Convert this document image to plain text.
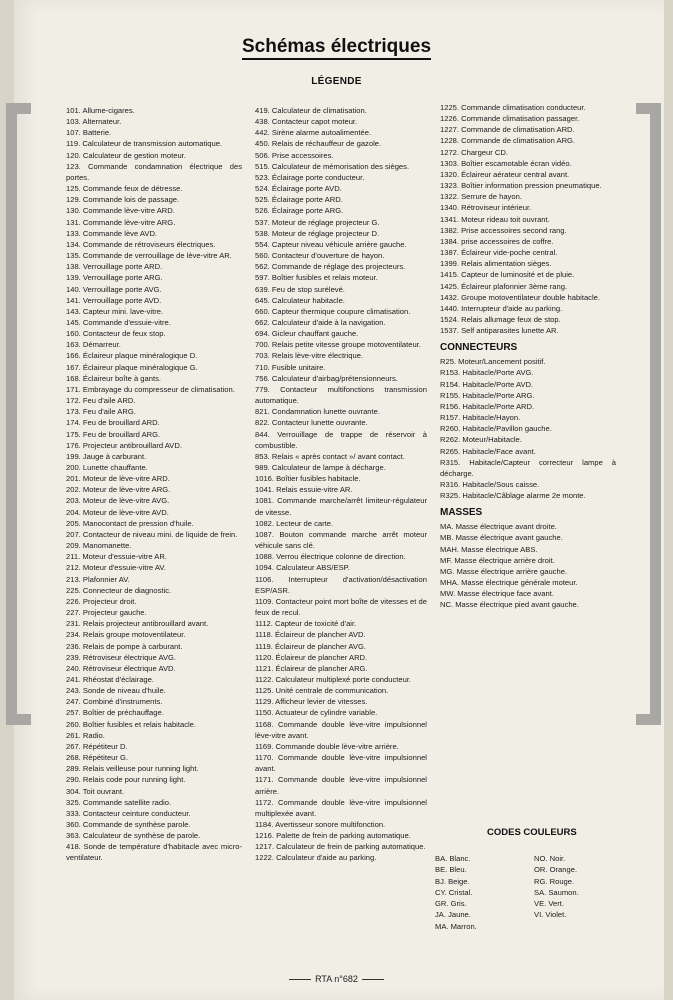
Schémas électriques
LÉGENDE

101. Allume-cigares.

103. Alternateur.

107. Batterie.

119. Calculateur de transmission automatique.

120. Calculateur de gestion moteur.

123. Commande condamnation électrique des portes.

125. Commande feux de détresse.

129. Commande lois de passage.

130. Commande lève-vitre ARD.

131. Commande lève-vitre ARG.

133. Commande lève AVD.

134. Commande de rétroviseurs électriques.

135. Commande de verrouillage de lève-vitre AR.

138. Verrouillage porte ARD.

139. Verrouillage porte ARG.

140. Verrouillage porte AVG.

141. Verrouillage porte AVD.

143. Capteur mini. lave-vitre.

145. Commande d'essuie-vitre.

160. Contacteur de feux stop.

163. Démarreur.

166. Éclaireur plaque minéralogique D.

167. Éclaireur plaque minéralogique G.

168. Éclaireur boîte à gants.

171. Embrayage du compresseur de climatisation.

172. Feu d'aile ARD.

173. Feu d'aile ARG.

174. Feu de brouillard ARD.

175. Feu de brouillard ARG.

176. Projecteur antibrouillard AVD.

199. Jauge à carburant.

200. Lunette chauffante.

201. Moteur de lève-vitre ARD.

202. Moteur de lève-vitre ARG.

203. Moteur de lève-vitre AVG.

204. Moteur de lève-vitre AVD.

205. Manocontact de pression d'huile.

207. Contacteur de niveau mini. de liquide de frein.

209. Manomanette.

211. Moteur d'essuie-vitre AR.

212. Moteur d'essuie-vitre AV.

213. Plafonnier AV.

225. Connecteur de diagnostic.

226. Projecteur droit.

227. Projecteur gauche.

231. Relais projecteur antibrouillard avant.

234. Relais groupe motoventilateur.

236. Relais de pompe à carburant.

239. Rétroviseur électrique AVG.

240. Rétroviseur électrique AVD.

241. Rhéostat d'éclairage.

243. Sonde de niveau d'huile.

247. Combiné d'instruments.

257. Boîtier de préchauffage.

260. Boîtier fusibles et relais habitacle.

261. Radio.

267. Répétiteur D.

268. Répétiteur G.

289. Relais veilleuse pour running light.

290. Relais code pour running light.

304. Toit ouvrant.

325. Commande satellite radio.

333. Contacteur ceinture conducteur.

360. Commande de synthèse parole.

363. Calculateur de synthèse de parole.

418. Sonde de température d'habitacle avec micro-ventilateur.

419. Calculateur de climatisation.

438. Contacteur capot moteur.

442. Sirène alarme autoalimentée.

450. Relais de réchauffeur de gazole.

506. Prise accessoires.

515. Calculateur de mémorisation des sièges.

523. Éclairage porte conducteur.

524. Éclairage porte AVD.

525. Éclairage porte ARD.

526. Éclairage porte ARG.

537. Moteur de réglage projecteur G.

538. Moteur de réglage projecteur D.

554. Capteur niveau véhicule arrière gauche.

560. Contacteur d'ouverture de hayon.

562. Commande de réglage des projecteurs.

597. Boîtier fusibles et relais moteur.

639. Feu de stop surélevé.

645. Calculateur habitacle.

660. Capteur thermique coupure climatisation.

662. Calculateur d'aide à la navigation.

694. Gicleur chauffant gauche.

700. Relais petite vitesse groupe motoventilateur.

703. Relais lève-vitre électrique.

710. Fusible unitaire.

756. Calculateur d'airbag/prétensionneurs.

779. Contacteur multifonctions transmission automatique.

821. Condamnation lunette ouvrante.

822. Contacteur lunette ouvrante.

844. Verrouillage de trappe de réservoir à combustible.

853. Relais « après contact »/ avant contact.

989. Calculateur de lampe à décharge.

1016. Boîtier fusibles habitacle.

1041. Relais essuie-vitre AR.

1081. Commande marche/arrêt limiteur-régulateur de vitesse.

1082. Lecteur de carte.

1087. Bouton commande marche arrêt moteur véhicule sans clé.

1088. Verrou électrique colonne de direction.

1094. Calculateur ABS/ESP.

1106. Interrupteur d'activation/désactivation ESP/ASR.

1109. Contacteur point mort boîte de vitesses et de feux de recul.

1112. Capteur de toxicité d'air.

1118. Éclaireur de plancher AVD.

1119. Éclaireur de plancher AVG.

1120. Éclaireur de plancher ARD.

1121. Éclaireur de plancher ARG.

1122. Calculateur multiplexé porte conducteur.

1125. Unité centrale de communication.

1129. Afficheur levier de vitesses.

1150. Actuateur de cylindre variable.

1168. Commande double lève-vitre impulsionnel lève-vitre avant.

1169. Commande double lève-vitre arrière.

1170. Commande double lève-vitre impulsionnel avant.

1171. Commande double lève-vitre impulsionnel arrière.

1172. Commande double lève-vitre impulsionnel multiplexée avant.

1184. Avertisseur sonore multifonction.

1216. Palette de frein de parking automatique.

1217. Calculateur de frein de parking automatique.

1222. Calculateur d'aide au parking.

1225. Commande climatisation conducteur.

1226. Commande climatisation passager.

1227. Commande de climatisation ARD.

1228. Commande de climatisation ARG.

1272. Chargeur CD.

1303. Boîtier escamotable écran vidéo.

1320. Éclaireur aérateur central avant.

1323. Boîtier information pression pneumatique.

1322. Serrure de hayon.

1340. Rétroviseur intérieur.

1341. Moteur rideau toit ouvrant.

1382. Prise accessoires second rang.

1384. prise accessoires de coffre.

1387. Éclaireur vide-poche central.

1399. Relais alimentation sièges.

1415. Capteur de luminosité et de pluie.

1425. Éclaireur plafonnier 3ème rang.

1432. Groupe motoventilateur double habitacle.

1440. Interrupteur d'aide au parking.

1524. Relais allumage feux de stop.

1537. Self antiparasites lunette AR.

CONNECTEURS

R25. Moteur/Lancement positif.

R153. Habitacle/Porte AVG.

R154. Habitacle/Porte AVD.

R155. Habitacle/Porte ARG.

R156. Habitacle/Porte ARD.

R157. Habitacle/Hayon.

R260. Habitacle/Pavillon gauche.

R262. Moteur/Habitacle.

R265. Habitacle/Face avant.

R315. Habitacle/Capteur correcteur lampe à décharge.

R316. Habitacle/Sous caisse.

R325. Habitacle/Câblage alarme 2e monte.

MASSES

MA. Masse électrique avant droite.

MB. Masse électrique avant gauche.

MAH. Masse électrique ABS.

MF. Masse électrique arrière droit.

MG. Masse électrique arrière gauche.

MHA. Masse électrique générale moteur.

MW. Masse électrique face avant.

NC. Masse électrique pied avant gauche.

CODES COULEURS

BA. Blanc.

BE. Bleu.

BJ. Beige.

CY. Cristal.

GR. Gris.

JA. Jaune.

MA. Marron.

NO. Noir.

OR. Orange.

RG. Rouge.

SA. Saumon.

VE. Vert.

VI. Violet.

RTA n°682
